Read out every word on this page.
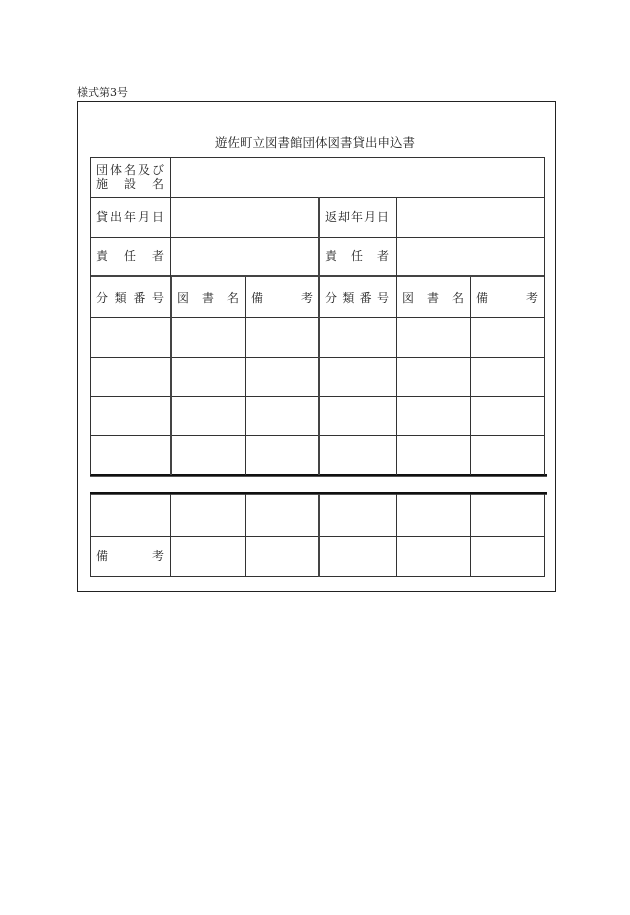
様式第3号
遊佐町立図書館団体図書貸出申込書
団体名及び
施 設 名
貸出年月日	返却年月日
責 任 者	責 任 者
分類番号 図 書 名 備 考 分類番号 図 書 名 備 考
備 考
